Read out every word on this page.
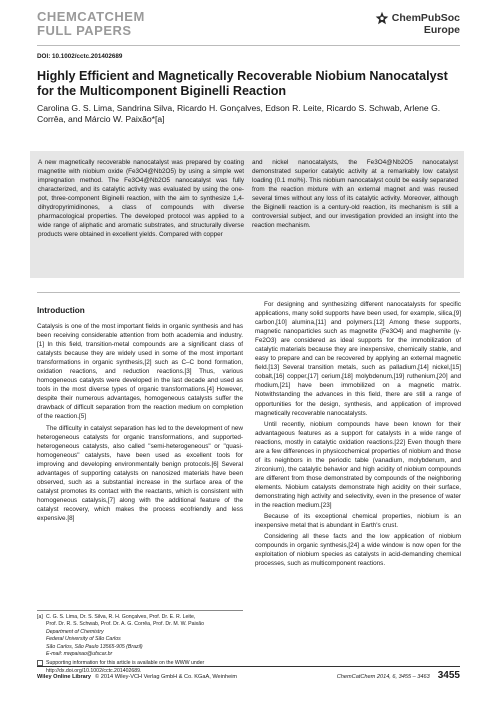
CHEMCATCHEM
FULL PAPERS
ChemPubSoc
Europe
DOI: 10.1002/cctc.201402689
Highly Efficient and Magnetically Recoverable Niobium Nanocatalyst for the Multicomponent Biginelli Reaction
Carolina G. S. Lima, Sandrina Silva, Ricardo H. Gonçalves, Edson R. Leite, Ricardo S. Schwab, Arlene G. Corrêa, and Márcio W. Paixão*[a]
A new magnetically recoverable nanocatalyst was prepared by coating magnetite with niobium oxide (Fe3O4@Nb2O5) by using a simple wet impregnation method. The Fe3O4@Nb2O5 nanocatalyst was fully characterized, and its catalytic activity was evaluated by using the one-pot, three-component Biginelli reaction, with the aim to synthesize 1,4-dihydropyrimidinones, a class of compounds with diverse pharmacological properties. The developed protocol was applied to a wide range of aliphatic and aromatic substrates, and structurally diverse products were obtained in excellent yields. Compared with copper
and nickel nanocatalysts, the Fe3O4@Nb2O5 nanocatalyst demonstrated superior catalytic activity at a remarkably low catalyst loading (0.1 mol%). This niobium nanocatalyst could be easily separated from the reaction mixture with an external magnet and was reused several times without any loss of its catalytic activity. Moreover, although the Biginelli reaction is a century-old reaction, its mechanism is still a controversial subject, and our investigation provided an insight into the reaction mechanism.
Introduction

Catalysis is one of the most important fields in organic synthesis and has been receiving considerable attention from both academia and industry.[1] In this field, transition-metal compounds are a significant class of catalysts because they are widely used in some of the most important transformations in organic synthesis,[2] such as C–C bond formation, oxidation reactions, and reduction reactions.[3] Thus, various homogeneous catalysts were developed in the last decade and used as tools in the most diverse types of organic transformations.[4] However, despite their numerous advantages, homogeneous catalysts suffer the drawback of difficult separation from the reaction medium on completion of the reaction.[5]

The difficulty in catalyst separation has led to the development of new heterogeneous catalysts for organic transformations, and supported-heterogeneous catalysts, also called "semi-heterogeneous" or "quasi-homogeneous" catalysts, have been used as excellent tools for improving and developing environmentally benign protocols.[6] Several advantages of supporting catalysts on nanosized materials have been observed, such as a substantial increase in the surface area of the catalyst promotes its contact with the reactants, which is consistent with homogeneous catalysis,[7] along with the additional feature of the catalyst recovery, which makes the process ecofriendly and less expensive.[8]

For designing and synthesizing different nanocatalysts for specific applications, many solid supports have been used, for example, silica,[9] carbon,[10] alumina,[11] and polymers.[12] Among these supports, magnetic nanoparticles such as magnetite (Fe3O4) and maghemite (γ-Fe2O3) are considered as ideal supports for the immobilization of catalytic materials because they are inexpensive, chemically stable, and easy to prepare and can be recovered by applying an external magnetic field.[13] Several transition metals, such as palladium,[14] nickel,[15] cobalt,[16] copper,[17] cerium,[18] molybdenum,[19] ruthenium,[20] and rhodium,[21] have been immobilized on a magnetic matrix. Notwithstanding the advances in this field, there are still a range of opportunities for the design, synthesis, and application of improved magnetically recoverable nanocatalysts.

Until recently, niobium compounds have been known for their advantageous features as a support for catalysts in a wide range of reactions, mostly in catalytic oxidation reactions.[22] Even though there are a few differences in physicochemical properties of niobium and those of its neighbors in the periodic table (vanadium, molybdenum, and zirconium), the catalytic behavior and high acidity of niobium compounds are different from those demonstrated by compounds of the neighboring elements. Niobium catalysts demonstrate high acidity on their surface, demonstrating high activity and selectivity, even in the presence of water in the reaction medium.[23]

Because of its exceptional chemical properties, niobium is an inexpensive metal that is abundant in Earth's crust.

Considering all these facts and the low application of niobium compounds in organic synthesis,[24] a wide window is now open for the exploitation of niobium species as catalysts in acid-demanding chemical processes, such as multicomponent reactions.

[a] C. G. S. Lima, Dr. S. Silva, R. H. Gonçalves, Prof. Dr. E. R. Leite,
Prof. Dr. R. S. Schwab, Prof. Dr. A. G. Corrêa, Prof. Dr. M. W. Paixão
Department of Chemistry
Federal University of São Carlos
São Carlos, São Paulo 13565-905 (Brazil)
E-mail: mwpaixao@ufscar.br
Supporting information for this article is available on the WWW under
http://dx.doi.org/10.1002/cctc.201402689.
Wiley Online Library © 2014 Wiley-VCH Verlag GmbH & Co. KGaA, Weinheim	ChemCatChem 2014, 6, 3455 – 3463 3455
